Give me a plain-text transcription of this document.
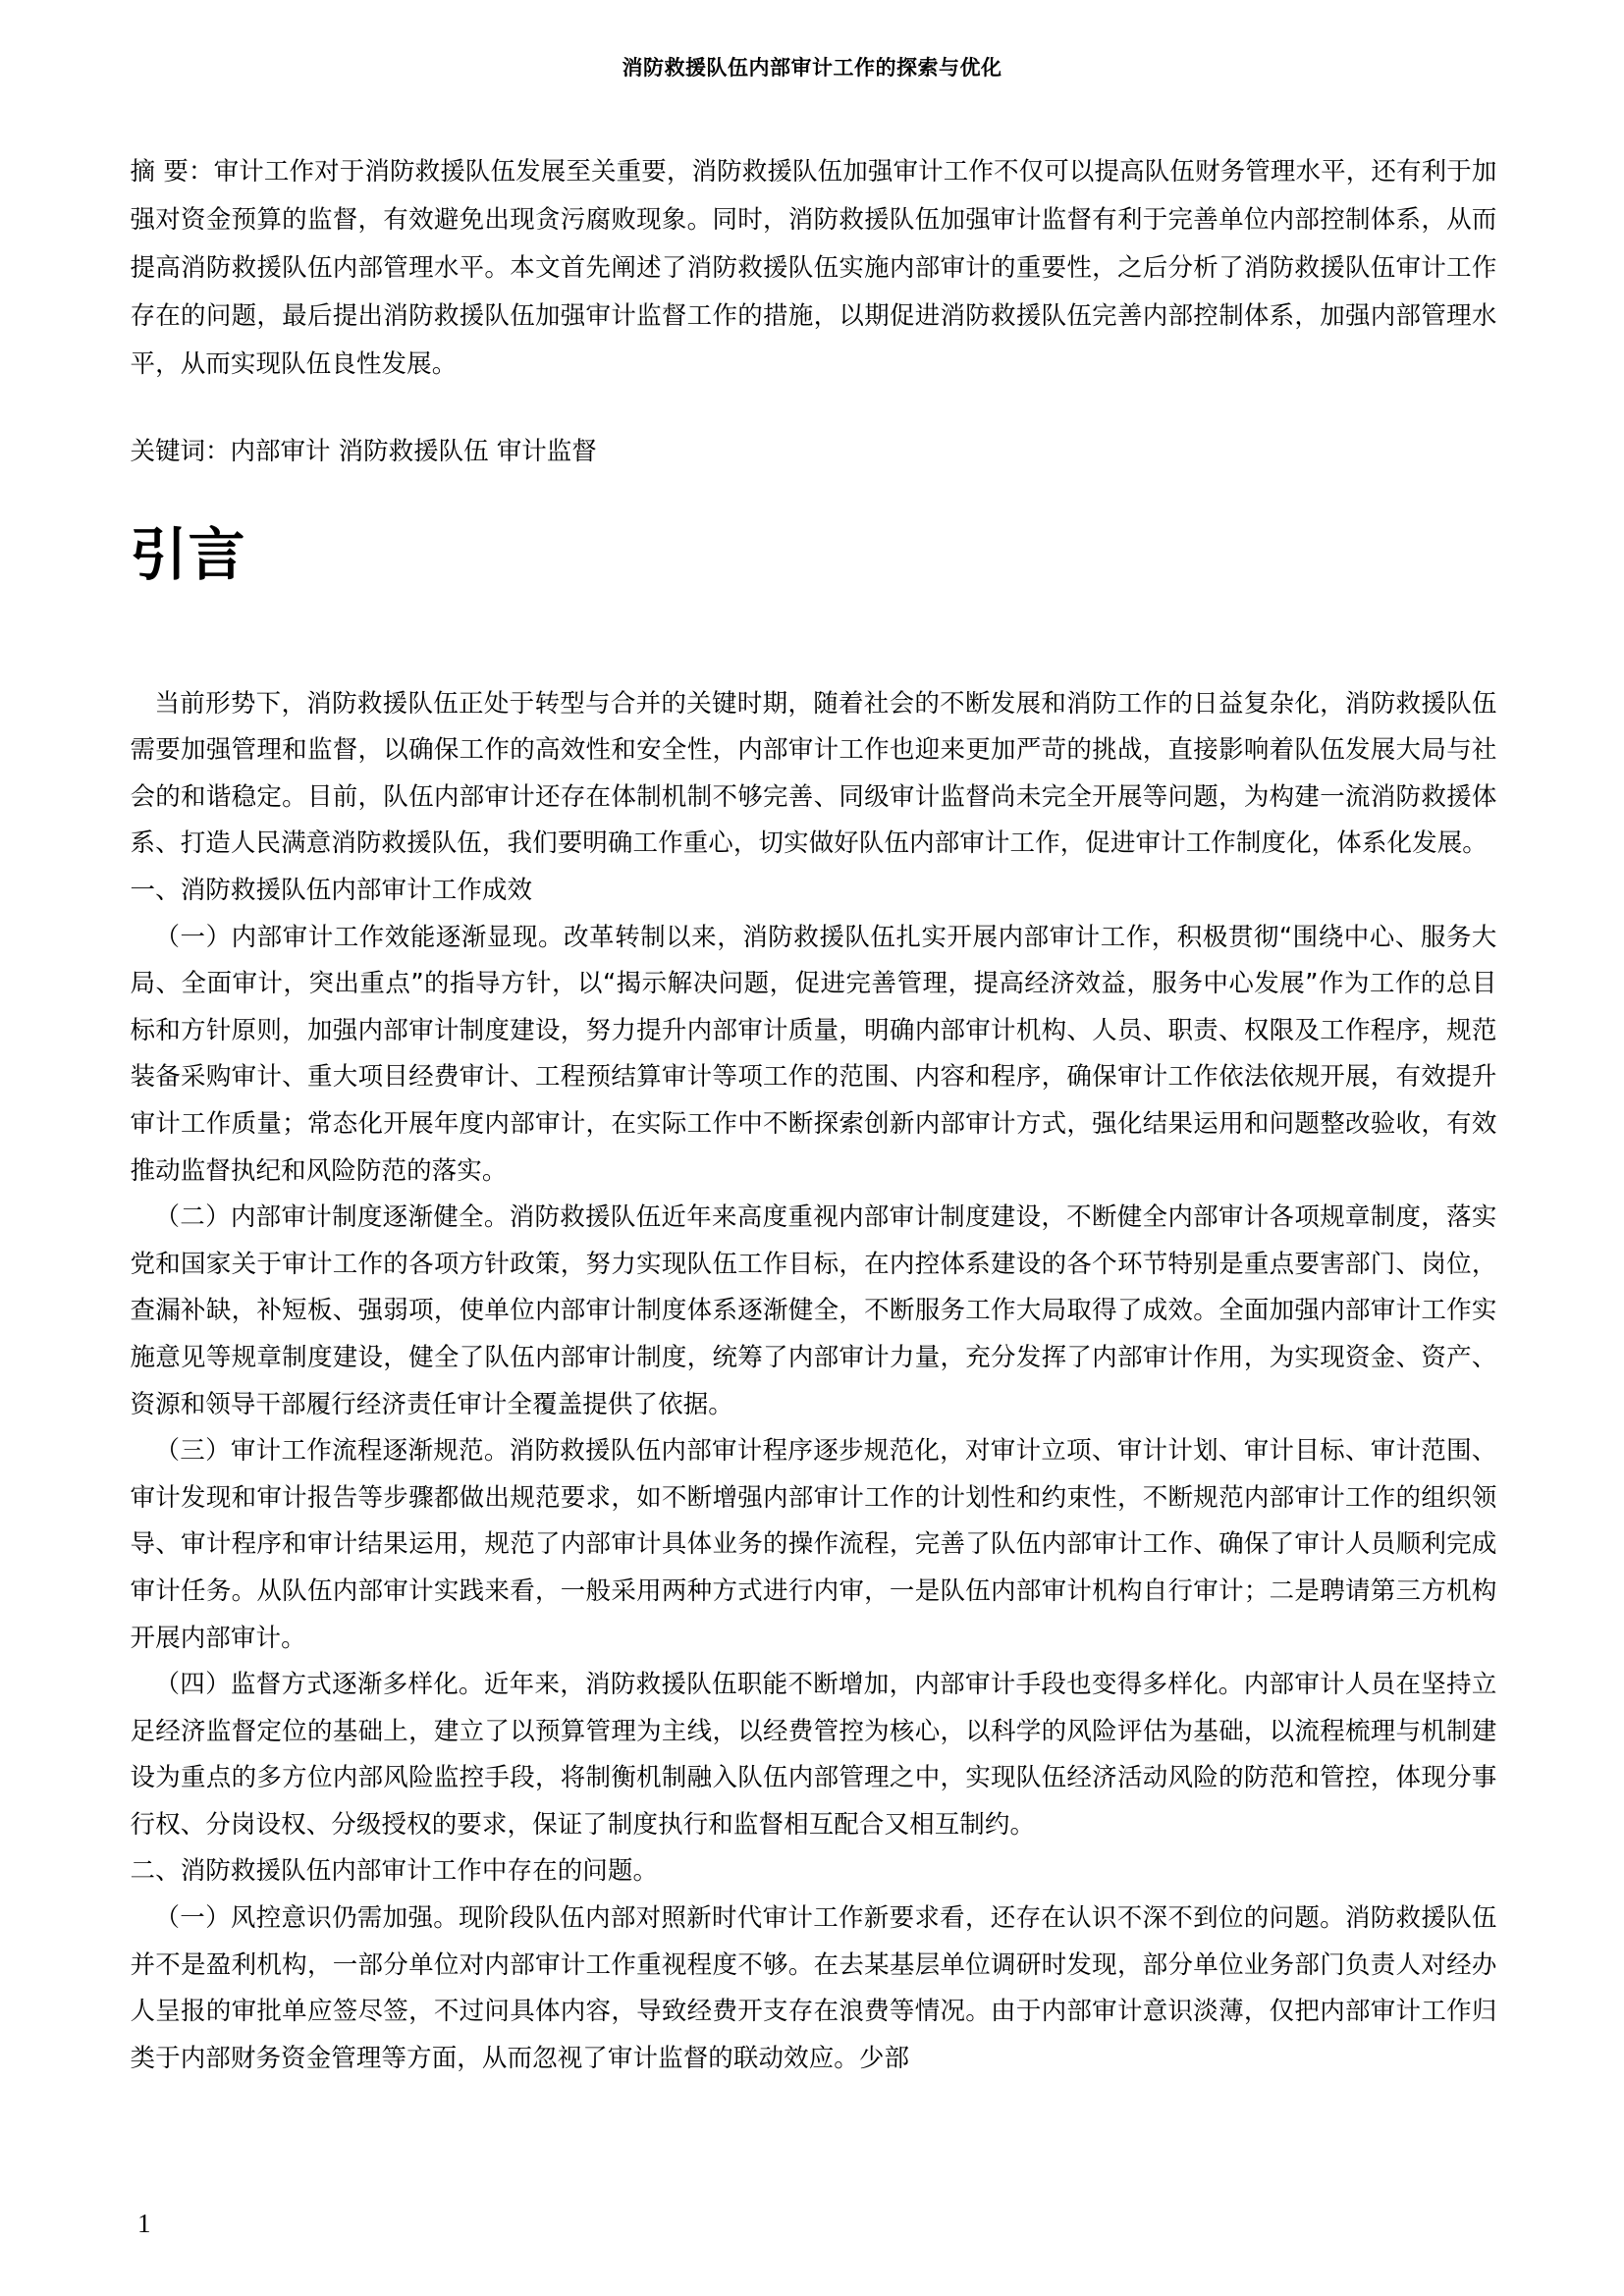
消防救援队伍内部审计工作的探索与优化
摘 要：审计工作对于消防救援队伍发展至关重要，消防救援队伍加强审计工作不仅可以提高队伍财务管理水平，还有利于加强对资金预算的监督，有效避免出现贪污腐败现象。同时，消防救援队伍加强审计监督有利于完善单位内部控制体系，从而提高消防救援队伍内部管理水平。本文首先阐述了消防救援队伍实施内部审计的重要性，之后分析了消防救援队伍审计工作存在的问题，最后提出消防救援队伍加强审计监督工作的措施，以期促进消防救援队伍完善内部控制体系，加强内部管理水平，从而实现队伍良性发展。
关键词：内部审计 消防救援队伍 审计监督
引言

当前形势下，消防救援队伍正处于转型与合并的关键时期，随着社会的不断发展和消防工作的日益复杂化，消防救援队伍需要加强管理和监督，以确保工作的高效性和安全性，内部审计工作也迎来更加严苛的挑战，直接影响着队伍发展大局与社会的和谐稳定。目前，队伍内部审计还存在体制机制不够完善、同级审计监督尚未完全开展等问题，为构建一流消防救援体系、打造人民满意消防救援队伍，我们要明确工作重心，切实做好队伍内部审计工作，促进审计工作制度化，体系化发展。

一、消防救援队伍内部审计工作成效

（一）内部审计工作效能逐渐显现。改革转制以来，消防救援队伍扎实开展内部审计工作，积极贯彻“围绕中心、服务大局、全面审计，突出重点”的指导方针，以“揭示解决问题，促进完善管理，提高经济效益，服务中心发展”作为工作的总目标和方针原则，加强内部审计制度建设，努力提升内部审计质量，明确内部审计机构、人员、职责、权限及工作程序，规范装备采购审计、重大项目经费审计、工程预结算审计等项工作的范围、内容和程序，确保审计工作依法依规开展，有效提升审计工作质量；常态化开展年度内部审计，在实际工作中不断探索创新内部审计方式，强化结果运用和问题整改验收，有效推动监督执纪和风险防范的落实。

（二）内部审计制度逐渐健全。消防救援队伍近年来高度重视内部审计制度建设，不断健全内部审计各项规章制度，落实党和国家关于审计工作的各项方针政策，努力实现队伍工作目标，在内控体系建设的各个环节特别是重点要害部门、岗位，查漏补缺，补短板、强弱项，使单位内部审计制度体系逐渐健全，不断服务工作大局取得了成效。全面加强内部审计工作实施意见等规章制度建设，健全了队伍内部审计制度，统筹了内部审计力量，充分发挥了内部审计作用，为实现资金、资产、资源和领导干部履行经济责任审计全覆盖提供了依据。

（三）审计工作流程逐渐规范。消防救援队伍内部审计程序逐步规范化，对审计立项、审计计划、审计目标、审计范围、审计发现和审计报告等步骤都做出规范要求，如不断增强内部审计工作的计划性和约束性，不断规范内部审计工作的组织领导、审计程序和审计结果运用，规范了内部审计具体业务的操作流程，完善了队伍内部审计工作、确保了审计人员顺利完成审计任务。从队伍内部审计实践来看，一般采用两种方式进行内审，一是队伍内部审计机构自行审计；二是聘请第三方机构开展内部审计。

（四）监督方式逐渐多样化。近年来，消防救援队伍职能不断增加，内部审计手段也变得多样化。内部审计人员在坚持立足经济监督定位的基础上，建立了以预算管理为主线，以经费管控为核心，以科学的风险评估为基础，以流程梳理与机制建设为重点的多方位内部风险监控手段，将制衡机制融入队伍内部管理之中，实现队伍经济活动风险的防范和管控，体现分事行权、分岗设权、分级授权的要求，保证了制度执行和监督相互配合又相互制约。

二、消防救援队伍内部审计工作中存在的问题。

（一）风控意识仍需加强。现阶段队伍内部对照新时代审计工作新要求看，还存在认识不深不到位的问题。消防救援队伍并不是盈利机构，一部分单位对内部审计工作重视程度不够。在去某基层单位调研时发现，部分单位业务部门负责人对经办人呈报的审批单应签尽签，不过问具体内容，导致经费开支存在浪费等情况。由于内部审计意识淡薄，仅把内部审计工作归类于内部财务资金管理等方面，从而忽视了审计监督的联动效应。少部

1
